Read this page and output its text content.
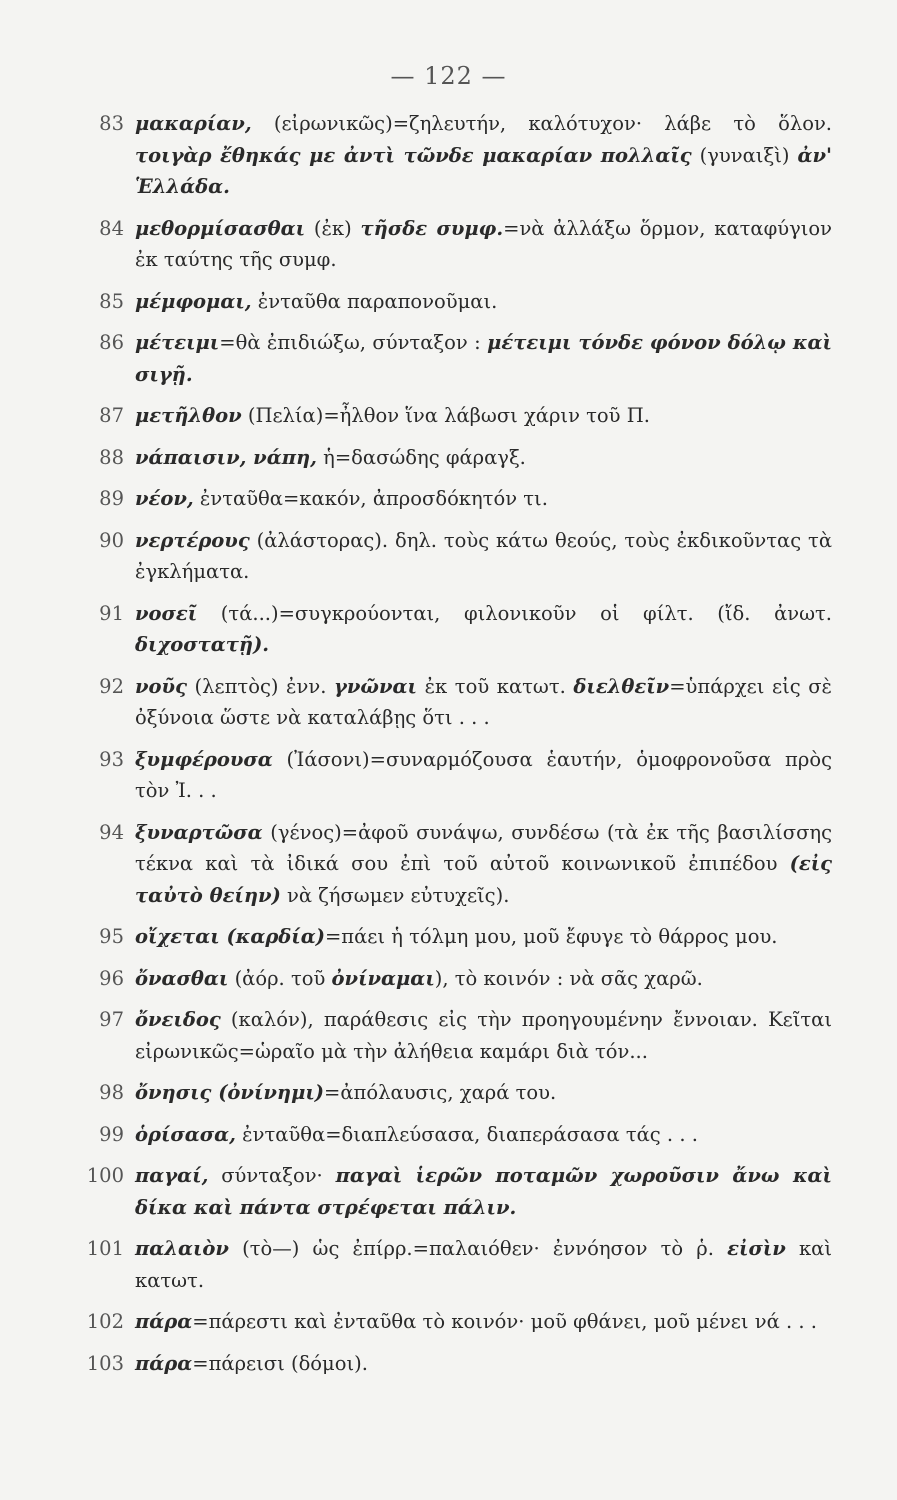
— 122 —
83 μακαρίαν, (εἰρωνικῶς)=ζηλευτήν, καλότυχον· λάβε τὸ ὅλον. τοιγὰρ ἔθηκάς με ἀντὶ τῶνδε μακαρίαν πολλαῖς (γυναιξὶ) ἀν' Ἑλλάδα.
84 μεθορμίσασθαι (ἐκ) τῆσδε συμφ.=νὰ ἀλλάξω ὅρμον, καταφύγιον ἐκ ταύτης τῆς συμφ.
85 μέμφομαι, ἐνταῦθα παραπονοῦμαι.
86 μέτειμι=θὰ ἐπιδιώξω, σύνταξον : μέτειμι τόνδε φόνον δόλῳ καὶ σιγῇ.
87 μετῆλθον (Πελία)=ἦλθον ἵνα λάβωσι χάριν τοῦ Π.
88 νάπαισιν, νάπη, ἡ=δασώδης φάραγξ.
89 νέον, ἐνταῦθα=κακόν, ἀπροσδόκητόν τι.
90 νερτέρους (ἀλάστορας). δηλ. τοὺς κάτω θεούς, τοὺς ἐκδικοῦντας τὰ ἐγκλήματα.
91 νοσεῖ (τά...)=συγκρούονται, φιλονικοῦν οἱ φίλτ. (ἴδ. ἀνωτ. διχοστατῇ).
92 νοῦς (λεπτὸς) ἐνν. γνῶναι ἐκ τοῦ κατωτ. διελθεῖν=ὑπάρχει εἰς σὲ ὀξύνοια ὥστε νὰ καταλάβῃς ὅτι . . .
93 ξυμφέρουσα (Ἰάσονι)=συναρμόζουσα ἑαυτήν, ὁμοφρονοῦσα πρὸς τὸν Ἰ. . .
94 ξυναρτῶσα (γένος)=ἀφοῦ συνάψω, συνδέσω (τὰ ἐκ τῆς βασιλίσσης τέκνα καὶ τὰ ἰδικά σου ἐπὶ τοῦ αὐτοῦ κοινωνικοῦ ἐπιπέδου (εἰς ταὐτὸ θείην) νὰ ζήσωμεν εὐτυχεῖς).
95 οἴχεται (καρδία)=πάει ἡ τόλμη μου, μοῦ ἔφυγε τὸ θάρρος μου.
96 ὄνασθαι (ἀόρ. τοῦ ὀνίναμαι), τὸ κοινόν : νὰ σᾶς χαρῶ.
97 ὄνειδος (καλόν), παράθεσις εἰς τὴν προηγουμένην ἔννοιαν. Κεῖται εἰρωνικῶς=ὡραῖο μὰ τὴν ἀλήθεια καμάρι διὰ τόν...
98 ὄνησις (ὀνίνημι)=ἀπόλαυσις, χαρά του.
99 ὁρίσασα, ἐνταῦθα=διαπλεύσασα, διαπεράσασα τάς . . .
100 παγαί, σύνταξον· παγαὶ ἱερῶν ποταμῶν χωροῦσιν ἄνω καὶ δίκα καὶ πάντα στρέφεται πάλιν.
101 παλαιὸν (τὸ—) ὡς ἐπίρρ.=παλαιόθεν· ἐννόησον τὸ ῥ. εἰσὶν καὶ κατωτ.
102 πάρα=πάρεστι καὶ ἐνταῦθα τὸ κοινόν· μοῦ φθάνει, μοῦ μένει νά . . .
103 πάρα=πάρεισι (δόμοι).
